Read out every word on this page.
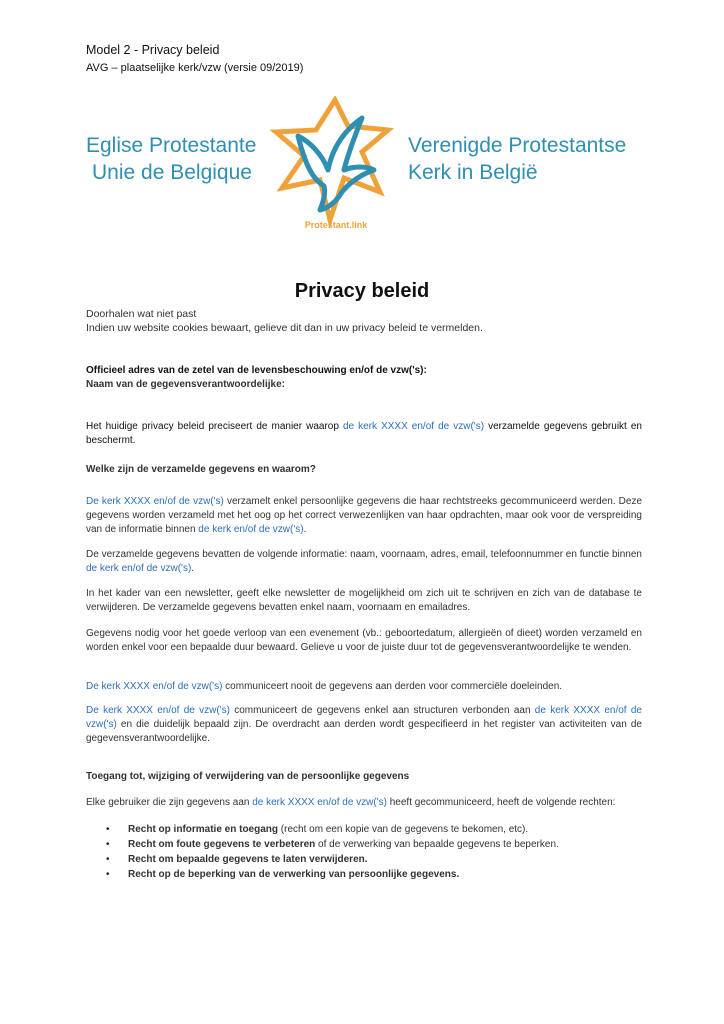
Model 2 - Privacy beleid
AVG – plaatselijke kerk/vzw (versie 09/2019)
Eglise Protestante
Unie de Belgique
Protestant.link
Verenigde Protestantse
Kerk in België
Privacy beleid
Doorhalen wat niet past
Indien uw website cookies bewaart, gelieve dit dan in uw privacy beleid te vermelden.
Officieel adres van de zetel van de levensbeschouwing en/of de vzw('s):
Naam van de gegevensverantwoordelijke:
Het huidige privacy beleid preciseert de manier waarop de kerk XXXX en/of de vzw('s) verzamelde gegevens gebruikt en beschermt.
Welke zijn de verzamelde gegevens en waarom?
De kerk XXXX en/of de vzw('s) verzamelt enkel persoonlijke gegevens die haar rechtstreeks gecommuniceerd werden. Deze gegevens worden verzameld met het oog op het correct verwezenlijken van haar opdrachten, maar ook voor de verspreiding van de informatie binnen de kerk en/of de vzw('s).
De verzamelde gegevens bevatten de volgende informatie: naam, voornaam, adres, email, telefoonnummer en functie binnen de kerk en/of de vzw('s).
In het kader van een newsletter, geeft elke newsletter de mogelijkheid om zich uit te schrijven en zich van de database te verwijderen. De verzamelde gegevens bevatten enkel naam, voornaam en emailadres.
Gegevens nodig voor het goede verloop van een evenement (vb.: geboortedatum, allergieën of dieet) worden verzameld en worden enkel voor een bepaalde duur bewaard. Gelieve u voor de juiste duur tot de gegevensverantwoordelijke te wenden.
De kerk XXXX en/of de vzw('s) communiceert nooit de gegevens aan derden voor commerciële doeleinden.
De kerk XXXX en/of de vzw('s) communiceert de gegevens enkel aan structuren verbonden aan de kerk XXXX en/of de vzw('s) en die duidelijk bepaald zijn. De overdracht aan derden wordt gespecifieerd in het register van activiteiten van de gegevensverantwoordelijke.
Toegang tot, wijziging of verwijdering van de persoonlijke gegevens
Elke gebruiker die zijn gegevens aan de kerk XXXX en/of de vzw('s) heeft gecommuniceerd, heeft de volgende rechten:
• Recht op informatie en toegang (recht om een kopie van de gegevens te bekomen, etc).
• Recht om foute gegevens te verbeteren of de verwerking van bepaalde gegevens te beperken.
• Recht om bepaalde gegevens te laten verwijderen.
• Recht op de beperking van de verwerking van persoonlijke gegevens.
